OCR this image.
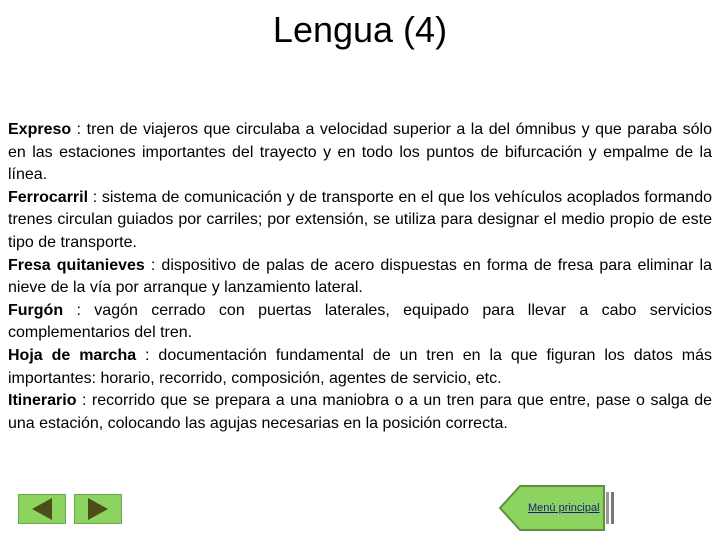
Lengua (4)

Expreso : tren de viajeros que circulaba a velocidad superior a la del ómnibus y que paraba sólo en las estaciones importantes del trayecto y en todo los puntos de bifurcación y empalme de la línea.

Ferrocarril : sistema de comunicación y de transporte en el que los vehículos acoplados formando trenes circulan guiados por carriles; por extensión, se utiliza para designar el medio propio de este tipo de transporte.

Fresa quitanieves : dispositivo de palas de acero dispuestas en forma de fresa para eliminar la nieve de la vía por arranque y lanzamiento lateral.

Furgón : vagón cerrado con puertas laterales, equipado para llevar a cabo servicios complementarios del tren.

Hoja de marcha : documentación fundamental de un tren en la que figuran los datos más importantes: horario, recorrido, composición, agentes de servicio, etc.

Itinerario : recorrido que se prepara a una maniobra o a un tren para que entre, pase o salga de una estación, colocando las agujas necesarias en la posición correcta.

Menú principal
